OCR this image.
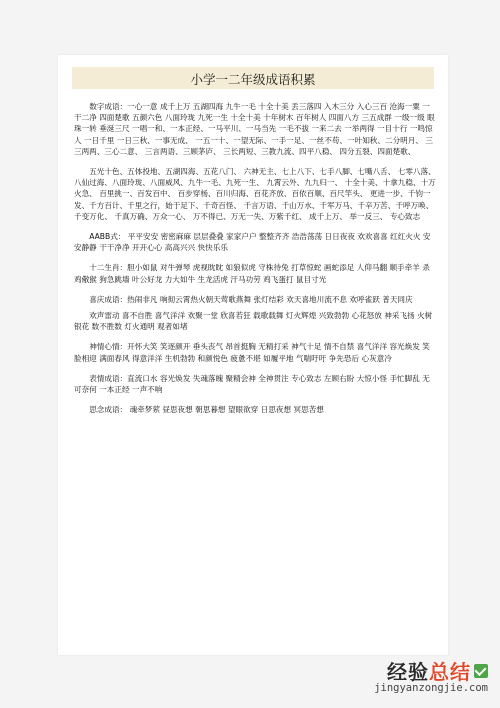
小学一二年级成语积累

数字成语：一心一意 成千上万 五湖四海 九牛一毛 十全十美 丢三落四 入木三分 入心三百 沧海一粟 一干二净 四面楚歌 五颜六色 八面玲珑 九死一生 十全十美 十年树木 百年树人 四面八方 三五成群 一级一级 眼珠一转 垂涎三尺 一唱一和、一本正经、一马平川、一马当先 一毛不拔 一来二去 一举两得 一目十行 一鸣惊人 一日千里 一日三秋、一事无成、 一五一十、一望无际、一手一足、一丝不苟、一叶知秋、二分明月、 三三两两、三心二意、 三言两语、三顾茅庐、 三长两短、三教九流、四平八稳、 四分五裂、四面楚歌、

五光十色、五体投地、五湖四海、五花八门、 六神无主、七上八下、七手八脚、七嘴八舌、 七零八落、八仙过海、八面玲珑、八面威风、九牛一毛、九死一生、 九霄云外、九九归一、 十全十美、十拿九稳、十万火急、 百里挑一、百发百中、 百步穿杨、百川归海、百花齐放、百依百顺、百尺竿头、 更进一步、千钧一发、千方百计、千里之行，始于足下、千奇百怪、 千言万语、千山万水、千军万马、千辛万苦、千呼万唤、千变万化、 千真万确、万众一心、 万不得已、万无一失、万紫千红、 成千上万、 举一反三、 专心致志

AABB式： 平平安安 密密麻麻 层层叠叠 家家户户 整整齐齐 浩浩荡荡 日日夜夜 欢欢喜喜 红红火火 安安静静 干干净净 开开心心 高高兴兴 快快乐乐

十二生肖：胆小如鼠 对牛弹琴 虎视眈眈 如狼似虎 守株待兔 打草惊蛇 画蛇添足 人仰马翻 顺手牵羊 杀鸡儆猴 狗急跳墙 叶公好龙 力大如牛 生龙活虎 汗马功劳 鸡飞蛋打 鼠目寸光

喜庆成语：热闹非凡 响彻云霄热火朝天莺歌燕舞 张灯结彩 欢天喜地川流不息 欢呼雀跃 普天同庆

欢声雷动 喜不自胜 喜气洋洋 欢聚一堂 欣喜若狂 载歌载舞 灯火辉煌 兴致勃勃 心花怒放 神采飞扬 火树银花 数不胜数 灯火通明 观者如堵

神情心情：开怀大笑 笑逐颜开 垂头丧气 昂首挺胸 无精打采 神气十足 情不自禁 喜气洋洋 容光焕发 笑脸相迎 满面春风 得意洋洋 生机勃勃 和颜悦色 疲惫不堪 如履平地 气喘吁吁 争先恐后 心灰意冷

表情成语：直流口水 容光焕发 失魂落魄 聚精会神 全神贯注 专心致志 左顾右盼 大惊小怪 手忙脚乱 无可奈何 一本正经 一声不响

思念成语： 魂牵梦萦 昼思夜想 朝思暮想 望眼欲穿 日思夜想 冥思苦想

经验 总结
jingyanzongjie.com
